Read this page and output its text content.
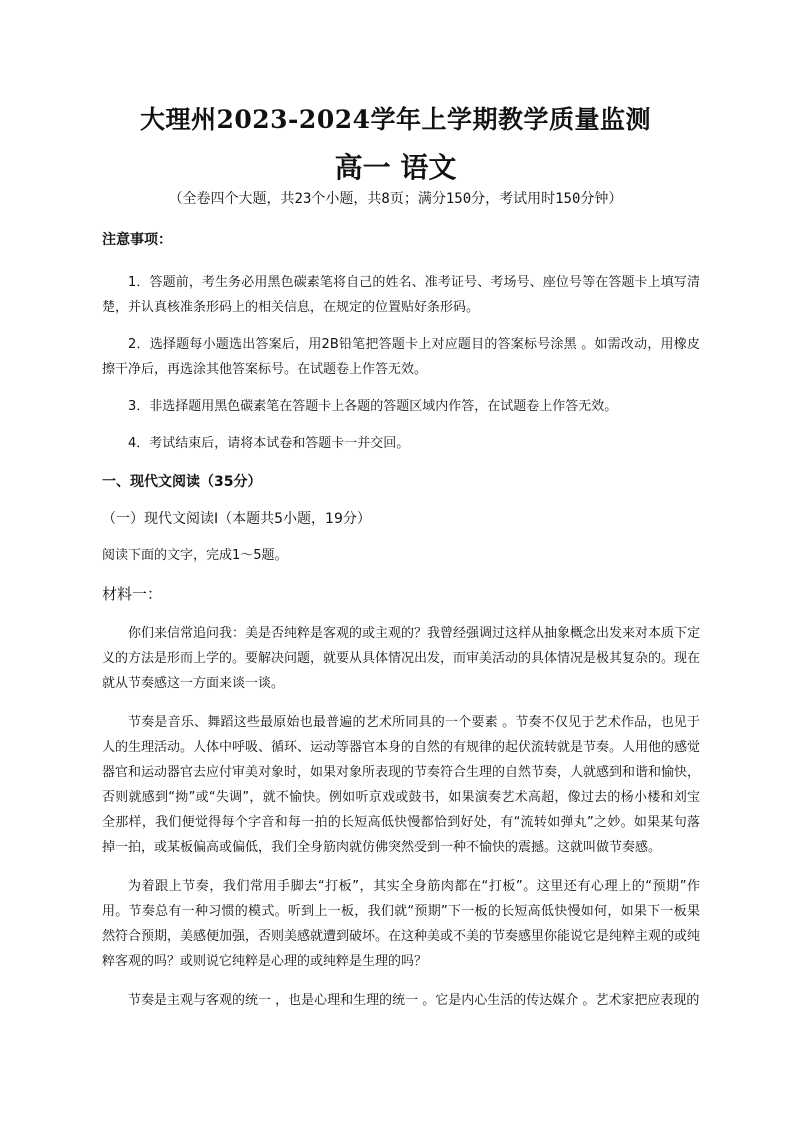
大理州2023-2024学年上学期教学质量监测
高一 语文
（全卷四个大题，共23个小题，共8页；满分150分，考试用时150分钟）
注意事项：

1．答题前，考生务必用黑色碳素笔将自己的姓名、准考证号、考场号、座位号等在答题卡上填写清楚，并认真核准条形码上的相关信息，在规定的位置贴好条形码。

2．选择题每小题选出答案后，用2B铅笔把答题卡上对应题目的答案标号涂黑 。如需改动，用橡皮擦干净后，再选涂其他答案标号。在试题卷上作答无效。

3．非选择题用黑色碳素笔在答题卡上各题的答题区域内作答，在试题卷上作答无效。

4．考试结束后，请将本试卷和答题卡一并交回。

一、现代文阅读（35分）
（一）现代文阅读Ⅰ（本题共5小题，19分）
阅读下面的文字，完成1～5题。
材料一：

你们来信常追问我：美是否纯粹是客观的或主观的？我曾经强调过这样从抽象概念出发来对本质下定义的方法是形而上学的。要解决问题，就要从具体情况出发，而审美活动的具体情况是极其复杂的。现在就从节奏感这一方面来谈一谈。

节奏是音乐、舞蹈这些最原始也最普遍的艺术所同具的一个要素 。节奏不仅见于艺术作品，也见于人的生理活动。人体中呼吸、循环、运动等器官本身的自然的有规律的起伏流转就是节奏。人用他的感觉器官和运动器官去应付审美对象时，如果对象所表现的节奏符合生理的自然节奏，人就感到和谐和愉快，否则就感到“拗”或“失调”，就不愉快。例如听京戏或鼓书，如果演奏艺术高超，像过去的杨小楼和刘宝全那样，我们便觉得每个字音和每一拍的长短高低快慢都恰到好处，有“流转如弹丸”之妙。如果某句落掉一拍，或某板偏高或偏低，我们全身筋肉就仿佛突然受到一种不愉快的震撼。这就叫做节奏感。

为着跟上节奏，我们常用手脚去“打板”，其实全身筋肉都在“打板”。这里还有心理上的“预期”作用。节奏总有一种习惯的模式。听到上一板，我们就“预期”下一板的长短高低快慢如何，如果下一板果然符合预期，美感便加强，否则美感就遭到破坏。在这种美或不美的节奏感里你能说它是纯粹主观的或纯粹客观的吗？或则说它纯粹是心理的或纯粹是生理的吗？

节奏是主观与客观的统一 ，也是心理和生理的统一 。它是内心生活的传达媒介 。艺术家把应表现的
